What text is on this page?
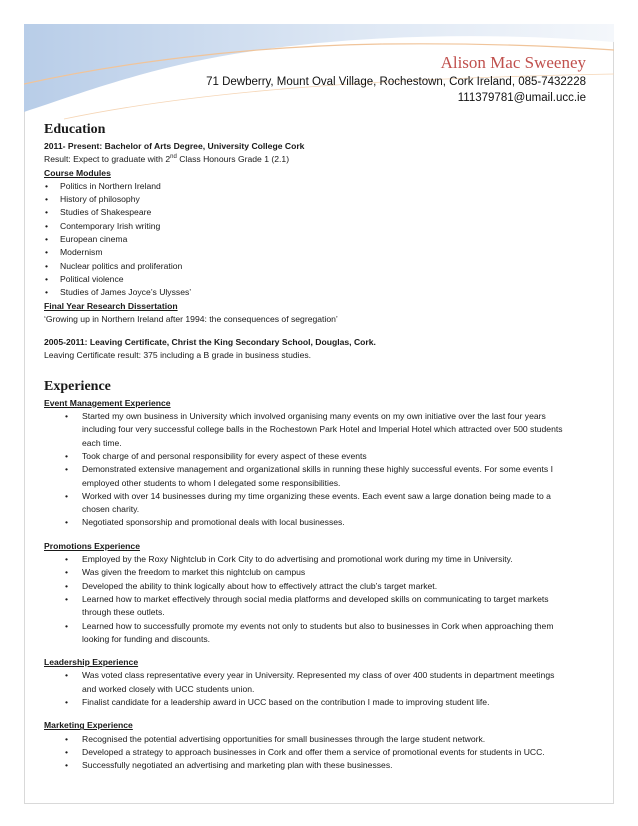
Alison Mac Sweeney
71 Dewberry, Mount Oval Village, Rochestown, Cork Ireland, 085-7432228
111379781@umail.ucc.ie
Education
2011- Present: Bachelor of Arts Degree, University College Cork
Result: Expect to graduate with 2nd Class Honours Grade 1 (2.1)
Course Modules
• Politics in Northern Ireland
• History of philosophy
• Studies of Shakespeare
• Contemporary Irish writing
• European cinema
• Modernism
• Nuclear politics and proliferation
• Political violence
• Studies of James Joyce’s Ulysses’
Final Year Research Dissertation
‘Growing up in Northern Ireland after 1994: the consequences of segregation’
2005-2011: Leaving Certificate, Christ the King Secondary School, Douglas, Cork.
Leaving Certificate result: 375 including a B grade in business studies.
Experience
Event Management Experience
• Started my own business in University which involved organising many events on my own initiative over the last four years including four very successful college balls in the Rochestown Park Hotel and Imperial Hotel which attracted over 500 students each time.
• Took charge of and personal responsibility for every aspect of these events
• Demonstrated extensive management and organizational skills in running these highly successful events. For some events I employed other students to whom I delegated some responsibilities.
• Worked with over 14 businesses during my time organizing these events. Each event saw a large donation being made to a chosen charity.
• Negotiated sponsorship and promotional deals with local businesses.
Promotions Experience
• Employed by the Roxy Nightclub in Cork City to do advertising and promotional work during my time in University.
• Was given the freedom to market this nightclub on campus
• Developed the ability to think logically about how to effectively attract the club’s target market.
• Learned how to market effectively through social media platforms and developed skills on communicating to target markets through these outlets.
• Learned how to successfully promote my events not only to students but also to businesses in Cork when approaching them looking for funding and discounts.
Leadership Experience
• Was voted class representative every year in University. Represented my class of over 400 students in department meetings and worked closely with UCC students union.
• Finalist candidate for a leadership award in UCC based on the contribution I made to improving student life.
Marketing Experience
• Recognised the potential advertising opportunities for small businesses through the large student network.
• Developed a strategy to approach businesses in Cork and offer them a service of promotional events for students in UCC.
• Successfully negotiated an advertising and marketing plan with these businesses.
